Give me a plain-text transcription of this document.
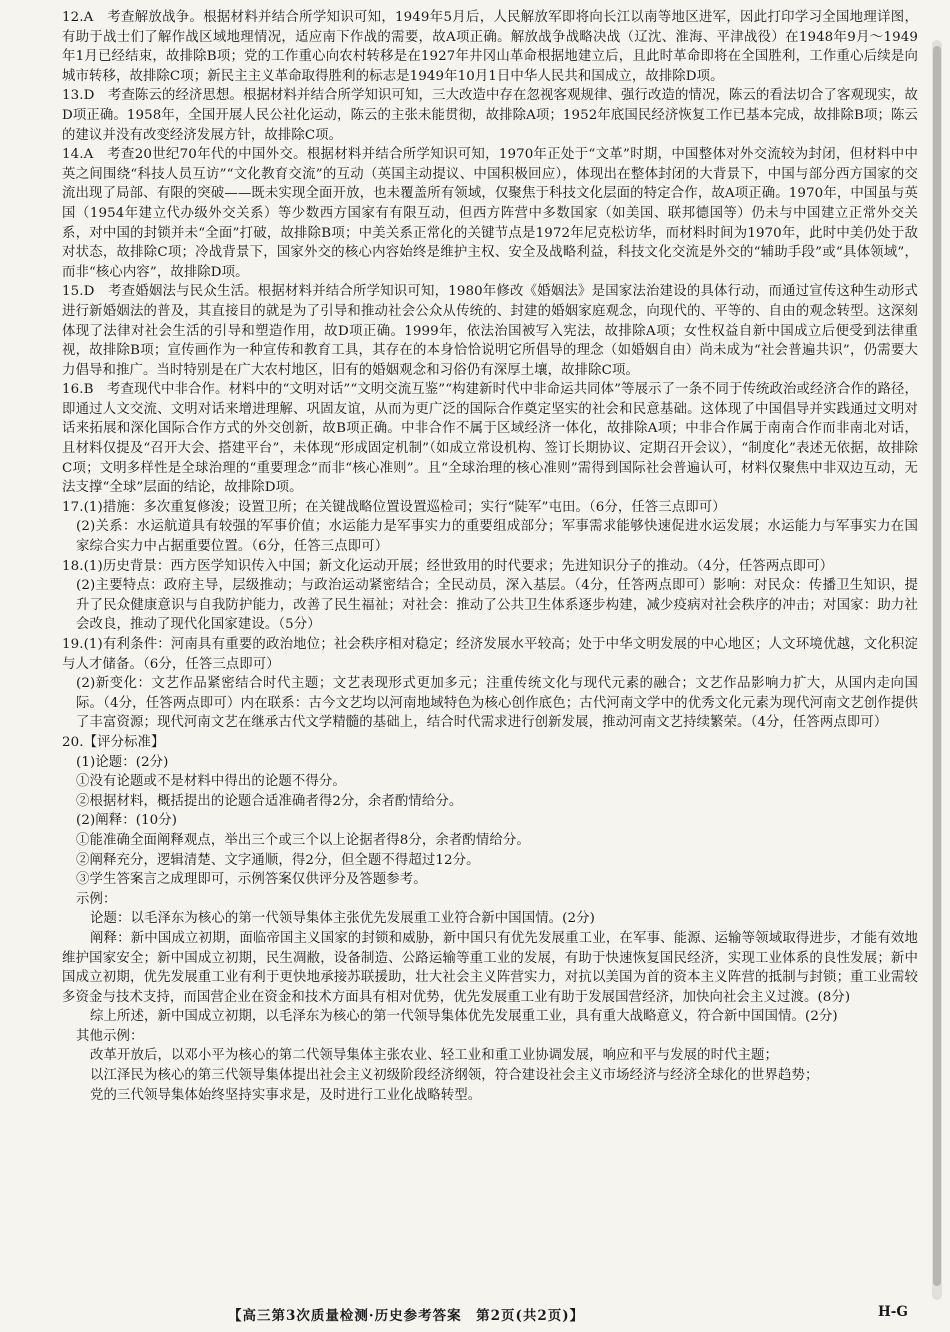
12.A　考查解放战争。根据材料并结合所学知识可知，1949年5月后，人民解放军即将向长江以南等地区进军，因此打印学习全国地理详图，有助于战士们了解作战区域地理情况，适应南下作战的需要，故A项正确。解放战争战略决战（辽沈、淮海、平津战役）在1948年9月～1949年1月已经结束，故排除B项；党的工作重心向农村转移是在1927年井冈山革命根据地建立后，且此时革命即将在全国胜利，工作重心后续是向城市转移，故排除C项；新民主主义革命取得胜利的标志是1949年10月1日中华人民共和国成立，故排除D项。

13.D　考查陈云的经济思想。根据材料并结合所学知识可知，三大改造中存在忽视客观规律、强行改造的情况，陈云的看法切合了客观现实，故D项正确。1958年，全国开展人民公社化运动，陈云的主张未能贯彻，故排除A项；1952年底国民经济恢复工作已基本完成，故排除B项；陈云的建议并没有改变经济发展方针，故排除C项。

14.A　考查20世纪70年代的中国外交。根据材料并结合所学知识可知，1970年正处于“文革”时期，中国整体对外交流较为封闭，但材料中中英之间围绕“科技人员互访”“文化教育交流”的互动（英国主动提议、中国积极回应），体现出在整体封闭的大背景下，中国与部分西方国家的交流出现了局部、有限的突破——既未实现全面开放，也未覆盖所有领域，仅聚焦于科技文化层面的特定合作，故A项正确。1970年，中国虽与英国（1954年建立代办级外交关系）等少数西方国家有有限互动，但西方阵营中多数国家（如美国、联邦德国等）仍未与中国建立正常外交关系，对中国的封锁并未“全面”打破，故排除B项；中美关系正常化的关键节点是1972年尼克松访华，而材料时间为1970年，此时中美仍处于敌对状态，故排除C项；冷战背景下，国家外交的核心内容始终是维护主权、安全及战略利益，科技文化交流是外交的“辅助手段”或“具体领域”，而非“核心内容”，故排除D项。

15.D　考查婚姻法与民众生活。根据材料并结合所学知识可知，1980年修改《婚姻法》是国家法治建设的具体行动，而通过宣传这种生动形式进行新婚姻法的普及，其直接目的就是为了引导和推动社会公众从传统的、封建的婚姻家庭观念，向现代的、平等的、自由的观念转型。这深刻体现了法律对社会生活的引导和塑造作用，故D项正确。1999年，依法治国被写入宪法，故排除A项；女性权益自新中国成立后便受到法律重视，故排除B项；宣传画作为一种宣传和教育工具，其存在的本身恰恰说明它所倡导的理念（如婚姻自由）尚未成为“社会普遍共识”，仍需要大力倡导和推广。当时特别是在广大农村地区，旧有的婚姻观念和习俗仍有深厚土壤，故排除C项。

16.B　考查现代中非合作。材料中的“文明对话”“文明交流互鉴”“构建新时代中非命运共同体”等展示了一条不同于传统政治或经济合作的路径，即通过人文交流、文明对话来增进理解、巩固友谊，从而为更广泛的国际合作奠定坚实的社会和民意基础。这体现了中国倡导并实践通过文明对话来拓展和深化国际合作方式的外交创新，故B项正确。中非合作不属于区域经济一体化，故排除A项；中非合作属于南南合作而非南北对话，且材料仅提及“召开大会、搭建平台”，未体现“形成固定机制”（如成立常设机构、签订长期协议、定期召开会议），“制度化”表述无依据，故排除C项；文明多样性是全球治理的“重要理念”而非“核心准则”。且“全球治理的核心准则”需得到国际社会普遍认可，材料仅聚焦中非双边互动，无法支撑“全球”层面的结论，故排除D项。

17.(1)措施：多次重复修浚；设置卫所；在关键战略位置设置巡检司；实行“陡军”屯田。（6分，任答三点即可）

(2)关系：水运航道具有较强的军事价值；水运能力是军事实力的重要组成部分；军事需求能够快速促进水运发展；水运能力与军事实力在国家综合实力中占据重要位置。（6分，任答三点即可）

18.(1)历史背景：西方医学知识传入中国；新文化运动开展；经世致用的时代要求；先进知识分子的推动。（4分，任答两点即可）

(2)主要特点：政府主导，层级推动；与政治运动紧密结合；全民动员，深入基层。（4分，任答两点即可）影响：对民众：传播卫生知识，提升了民众健康意识与自我防护能力，改善了民生福祉；对社会：推动了公共卫生体系逐步构建，减少疫病对社会秩序的冲击；对国家：助力社会改良，推动了现代化国家建设。（5分）

19.(1)有利条件：河南具有重要的政治地位；社会秩序相对稳定；经济发展水平较高；处于中华文明发展的中心地区；人文环境优越，文化积淀与人才储备。（6分，任答三点即可）

(2)新变化：文艺作品紧密结合时代主题；文艺表现形式更加多元；注重传统文化与现代元素的融合；文艺作品影响力扩大，从国内走向国际。（4分，任答两点即可）内在联系：古今文艺均以河南地域特色为核心创作底色；古代河南文学中的优秀文化元素为现代河南文艺创作提供了丰富资源；现代河南文艺在继承古代文学精髓的基础上，结合时代需求进行创新发展，推动河南文艺持续繁荣。（4分，任答两点即可）

20.【评分标准】

(1)论题：(2分)

①没有论题或不是材料中得出的论题不得分。

②根据材料，概括提出的论题合适准确者得2分，余者酌情给分。

(2)阐释：(10分)

①能准确全面阐释观点，举出三个或三个以上论据者得8分，余者酌情给分。

②阐释充分，逻辑清楚、文字通顺，得2分，但全题不得超过12分。

③学生答案言之成理即可，示例答案仅供评分及答题参考。

示例：

论题：以毛泽东为核心的第一代领导集体主张优先发展重工业符合新中国国情。(2分)

阐释：新中国成立初期，面临帝国主义国家的封锁和威胁，新中国只有优先发展重工业，在军事、能源、运输等领域取得进步，才能有效地维护国家安全；新中国成立初期，民生凋敝，设备制造、公路运输等重工业的发展，有助于快速恢复国民经济，实现工业体系的良性发展；新中国成立初期，优先发展重工业有利于更快地承接苏联援助，壮大社会主义阵营实力，对抗以美国为首的资本主义阵营的抵制与封锁；重工业需较多资金与技术支持，而国营企业在资金和技术方面具有相对优势，优先发展重工业有助于发展国营经济，加快向社会主义过渡。(8分)

综上所述，新中国成立初期，以毛泽东为核心的第一代领导集体优先发展重工业，具有重大战略意义，符合新中国国情。(2分)

其他示例：

改革开放后，以邓小平为核心的第二代领导集体主张农业、轻工业和重工业协调发展，响应和平与发展的时代主题；

以江泽民为核心的第三代领导集体提出社会主义初级阶段经济纲领，符合建设社会主义市场经济与经济全球化的世界趋势；

党的三代领导集体始终坚持实事求是，及时进行工业化战略转型。

【高三第3次质量检测·历史参考答案　第2页(共2页)】	H-G
